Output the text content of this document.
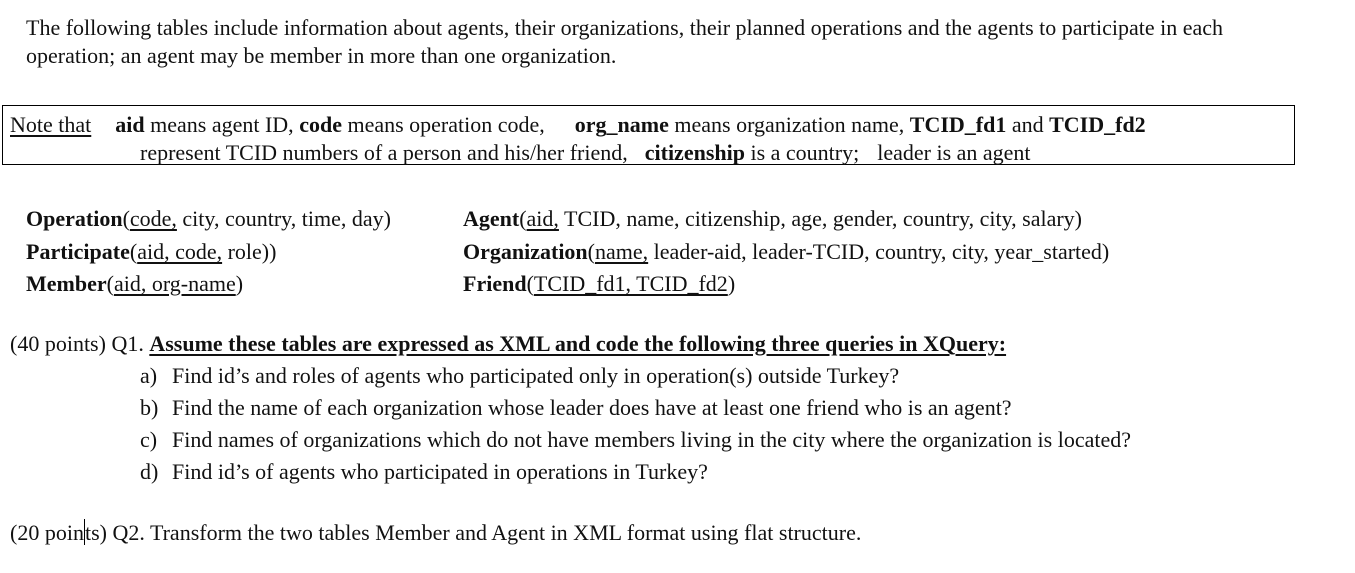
The following tables include information about agents, their organizations, their planned operations and the agents to participate in each
operation; an agent may be member in more than one organization.
Note that aid means agent ID, code means operation code, org_name means organization name, TCID_fd1 and TCID_fd2
represent TCID numbers of a person and his/her friend, citizenship is a country; leader is an agent
Operation(code, city, country, time, day)
Participate(aid, code, role))
Member(aid, org-name)
Agent(aid, TCID, name, citizenship, age, gender, country, city, salary)
Organization(name, leader-aid, leader-TCID, country, city, year_started)
Friend(TCID_fd1, TCID_fd2)
(40 points) Q1. Assume these tables are expressed as XML and code the following three queries in XQuery:
a) Find id’s and roles of agents who participated only in operation(s) outside Turkey?
b) Find the name of each organization whose leader does have at least one friend who is an agent?
c) Find names of organizations which do not have members living in the city where the organization is located?
d) Find id’s of agents who participated in operations in Turkey?
(20 points) Q2. Transform the two tables Member and Agent in XML format using flat structure.
